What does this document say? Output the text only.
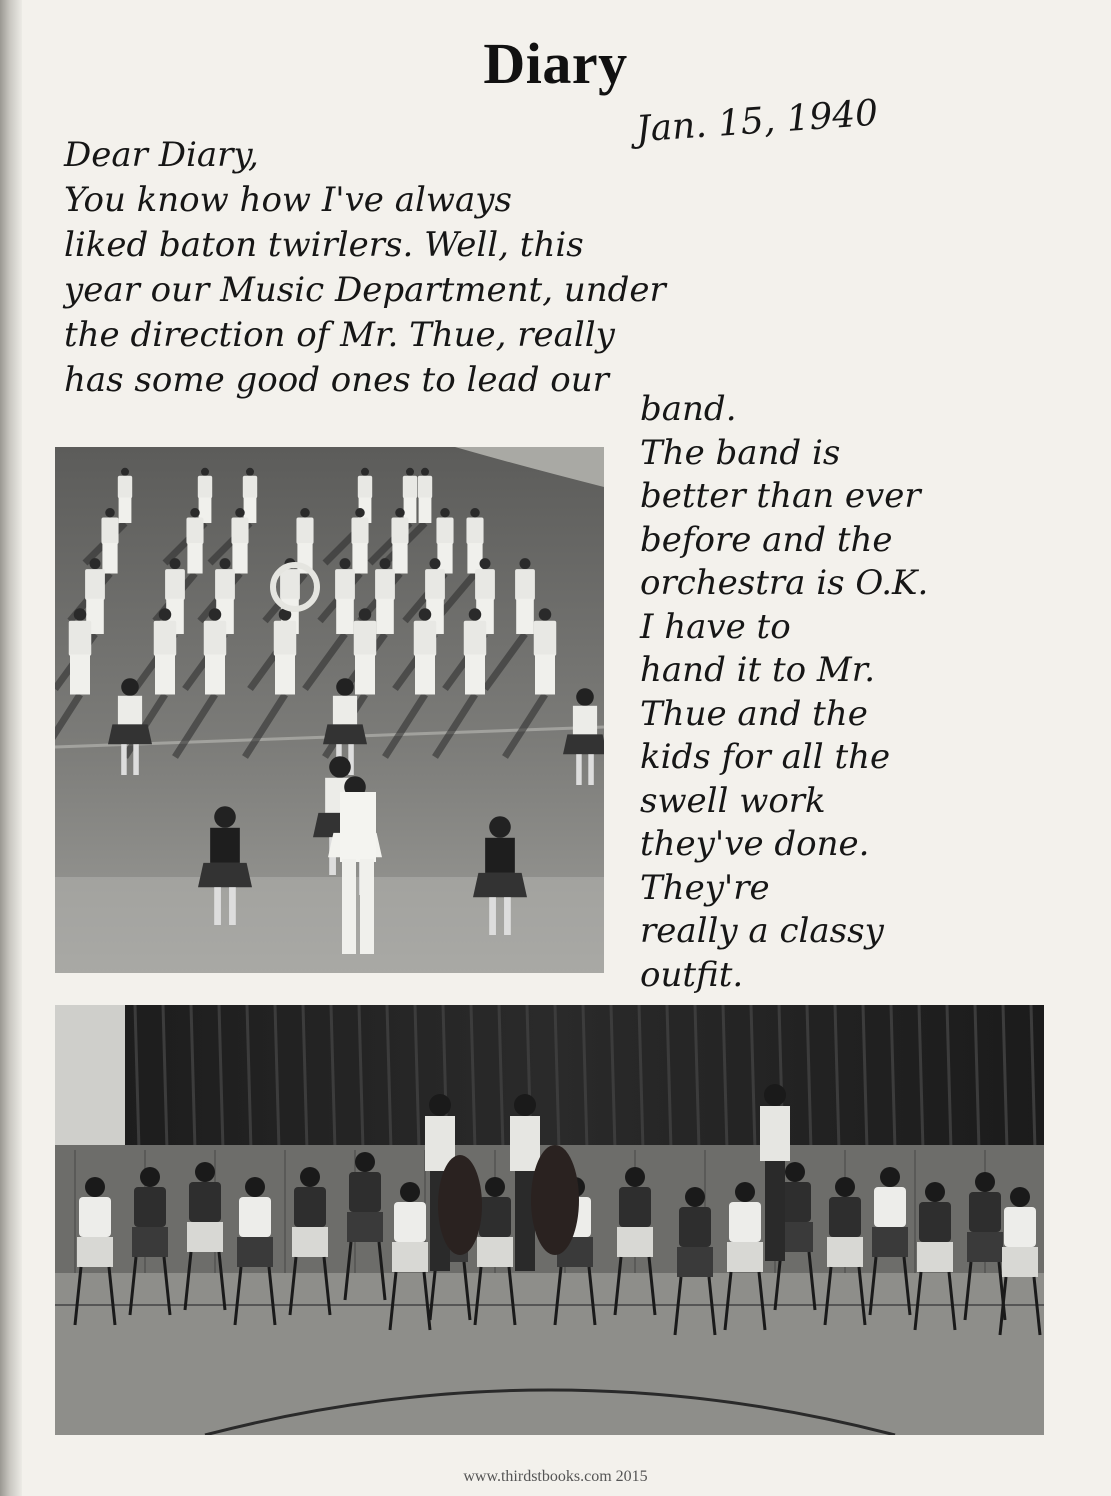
Diary
Jan. 15, 1940
Dear Diary,
You know how I've always
liked baton twirlers. Well, this
year our Music Department, under
the direction of Mr. Thue, really
has some good ones to lead our
band.
The band is
better than ever
before and the
orchestra is O.K.
I have to
hand it to Mr.
Thue and the
kids for all the
swell work
they've done.
They're
really a classy
outfit.
www.thirdstbooks.com 2015
